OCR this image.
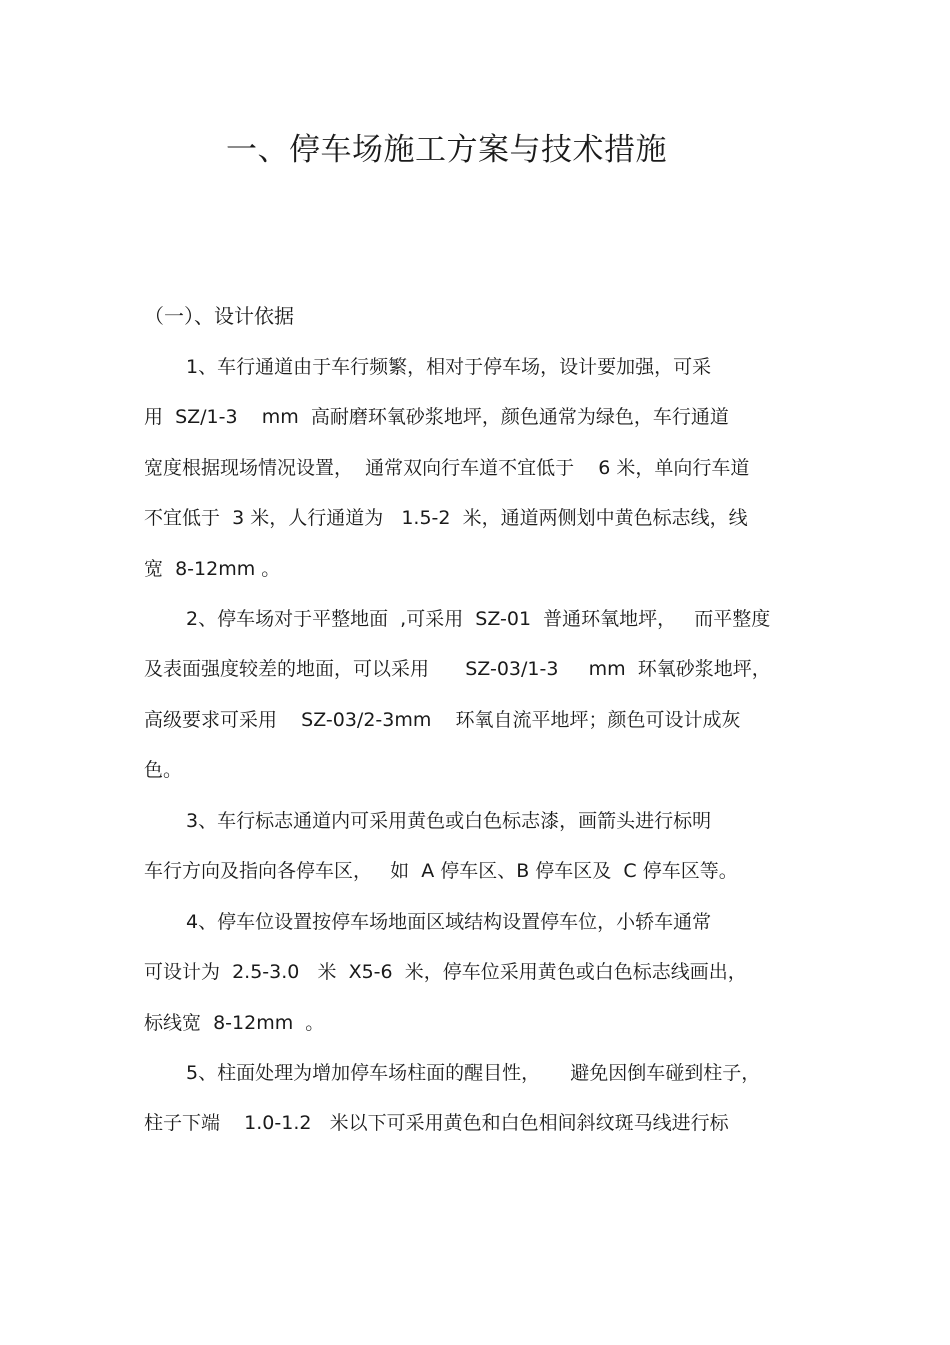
一、停车场施工方案与技术措施
（一）、设计依据
1、车行通道由于车行频繁，相对于停车场，设计要加强，可采
用  SZ/1-3    mm  高耐磨环氧砂浆地坪，颜色通常为绿色，车行通道
宽度根据现场情况设置，  通常双向行车道不宜低于    6 米，单向行车道
不宜低于  3 米，人行通道为   1.5-2  米，通道两侧划中黄色标志线，线
宽  8-12mm 。
2、停车场对于平整地面  ,可采用  SZ-01  普通环氧地坪，   而平整度
及表面强度较差的地面，可以采用      SZ-03/1-3     mm  环氧砂浆地坪，
高级要求可采用    SZ-03/2-3mm    环氧自流平地坪；颜色可设计成灰
色。
3、车行标志通道内可采用黄色或白色标志漆，画箭头进行标明
车行方向及指向各停车区，   如  A 停车区、B 停车区及  C 停车区等。
4、停车位设置按停车场地面区域结构设置停车位，小轿车通常
可设计为  2.5-3.0   米  X5-6  米，停车位采用黄色或白色标志线画出，
标线宽  8-12mm  。
5、柱面处理为增加停车场柱面的醒目性，     避免因倒车碰到柱子，
柱子下端    1.0-1.2   米以下可采用黄色和白色相间斜纹斑马线进行标
